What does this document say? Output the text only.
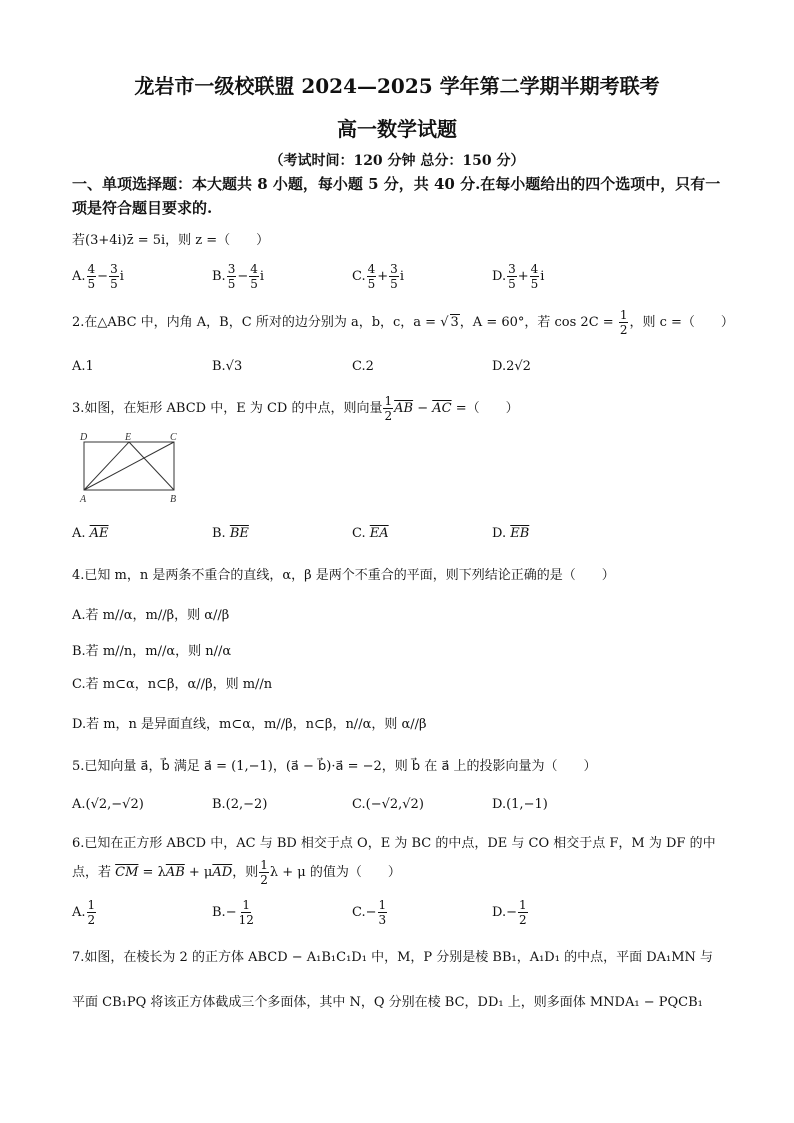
龙岩市一级校联盟 2024—2025 学年第二学期半期考联考
高一数学试题
（考试时间：120 分钟 总分：150 分）
一、单项选择题：本大题共 8 小题，每小题 5 分，共 40 分.在每小题给出的四个选项中，只有一项是符合题目要求的.
若(3+4i)z̄ = 5i，则 z =（　　）
A. $\frac{4}{5} - \frac{3}{5}$ i	B. $\frac{3}{5} - \frac{4}{5}$ i	C. $\frac{4}{5} + \frac{3}{5}$ i	D. $\frac{3}{5} + \frac{4}{5}$ i
2.在△ABC 中，内角 A，B，C 所对的边分别为 a，b，c，a = √ 3，A = 60°，若 $\cos 2C = \frac{1}{2}$ ，则 c =（　　）
A.1	B.√3	C.2	D.2√2
3.如图，在矩形 ABCD 中，E 为 CD 的中点，则向量 $\frac{1}{2} \overline{AB} - \overline{AC}$ =（　　）
D	E	C
A	B
A. $\overline{AE}$	B. $\overline{BE}$	C. $\overline{EA}$	D. $\overline{EB}$
4.已知 m，n 是两条不重合的直线，α，β 是两个不重合的平面，则下列结论正确的是（　　）
A.若 m//α，m//β，则 α//β
B.若 m//n，m//α，则 n//α
C.若 m⊂α，n⊂β，α//β，则 m//n
D.若 m，n 是异面直线，m⊂α，m//β，n⊂β，n//α，则 α//β
5.已知向量 a⃗，b⃗ 满足 a⃗ = (1,−1)，(a⃗ − b⃗)·a⃗ = −2，则 b⃗ 在 a⃗ 上的投影向量为（　　）
A.(√2,−√2)	B.(2,−2)	C.(−√2,√2)	D.(1,−1)
6.已知在正方形 ABCD 中，AC 与 BD 相交于点 O，E 为 BC 的中点，DE 与 CO 相交于点 F，M 为 DF 的中
点，若 $\overline{CM} = \lambda\overline{AB} + \mu\overline{AD}$，则 $\frac{1}{2}$ λ + μ 的值为（　　）
A. $\frac{1}{2}$	$B.- \frac{1}{12}$	$C.- \frac{1}{3}$	$D.- \frac{1}{2}$
7.如图，在棱长为 2 的正方体 ABCD − A₁B₁C₁D₁ 中，M，P 分别是棱 BB₁，A₁D₁ 的中点，平面 DA₁MN 与
平面 CB₁PQ 将该正方体截成三个多面体，其中 N，Q 分别在棱 BC，DD₁ 上，则多面体 MNDA₁ − PQCB₁
